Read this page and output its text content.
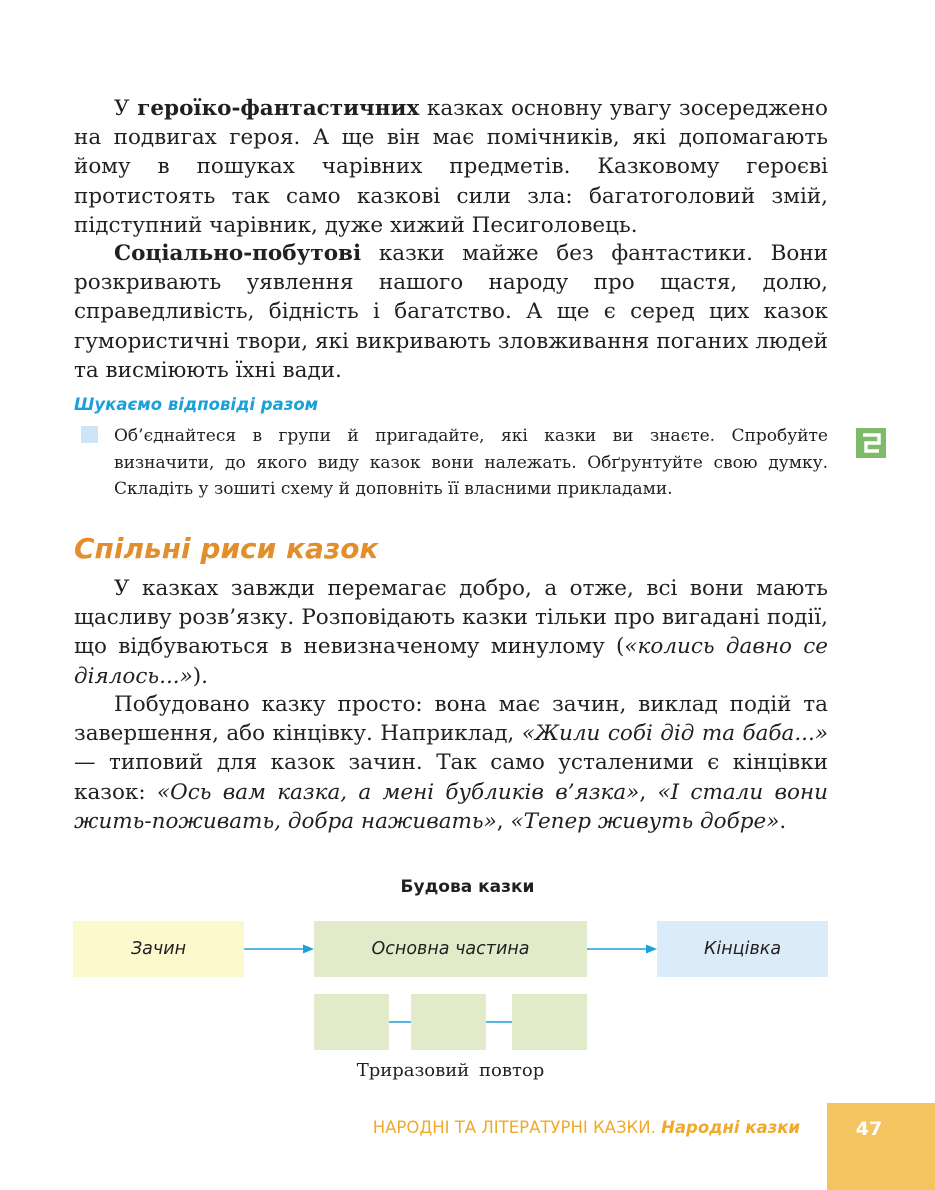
У героїко-фантастичних казках основну увагу зосереджено на подвигах героя. А ще він має помічників, які допомагають йому в пошуках чарівних предметів. Казковому героєві протистоять так само казкові сили зла: багатоголовий змій, підступний чарівник, дуже хижий Песиголовець.

Соціально-побутові казки майже без фантастики. Вони розкривають уявлення нашого народу про щастя, долю, справедливість, бідність і багатство. А ще є серед цих казок гумористичні твори, які викривають зловживання поганих людей та висміюють їхні вади.

Шукаємо відповіді разом

Об’єднайтеся в групи й пригадайте, які казки ви знаєте. Спробуйте визначити, до якого виду казок вони належать. Обґрунтуйте свою думку. Складіть у зошиті схему й доповніть її власними прикладами.

Спільні риси казок

У казках завжди перемагає добро, а отже, всі вони мають щасливу розв’язку. Розповідають казки тільки про вигадані події, що відбуваються в невизначеному минулому («колись давно се діялось...»).

Побудовано казку просто: вона має зачин, виклад подій та завершення, або кінцівку. Наприклад, «Жили собі дід та баба...» — типовий для казок зачин. Так само усталеними є кінцівки казок: «Ось вам казка, а мені бубликів в’язка», «І стали вони жить-поживать, добра наживать», «Тепер живуть добре».

Будова казки
Зачин	Основна частина	Кінцівка
Триразовий повтор
НАРОДНІ ТА ЛІТЕРАТУРНІ КАЗКИ. Народні казки	47
